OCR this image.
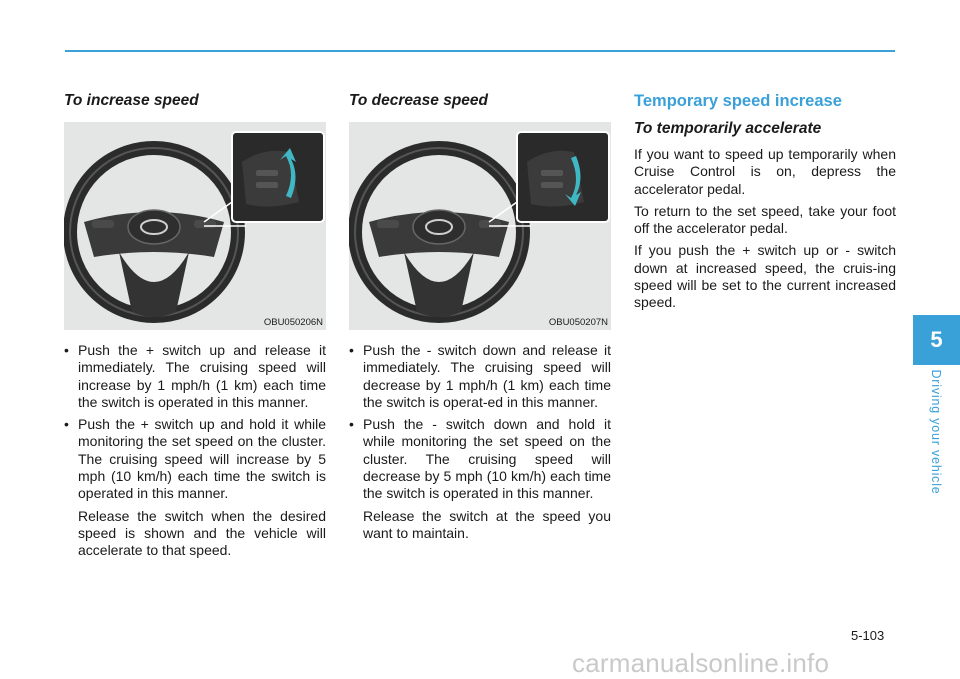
To increase speed
OBU050206N
• Push the + switch up and release it immediately. The cruising speed will increase by 1 mph/h (1 km) each time the switch is operated in this manner.
• Push the + switch up and hold it while monitoring the set speed on the cluster. The cruising speed will increase by 5 mph (10 km/h) each time the switch is operated in this manner.

Release the switch when the desired speed is shown and the vehicle will accelerate to that speed.

To decrease speed
OBU050207N
• Push the - switch down and release it immediately. The cruising speed will decrease by 1 mph/h (1 km) each time the switch is operat-ed in this manner.
• Push the - switch down and hold it while monitoring the set speed on the cluster. The cruising speed will decrease by 5 mph (10 km/h) each time the switch is operated in this manner.

Release the switch at the speed you want to maintain.

Temporary speed increase
To temporarily accelerate

If you want to speed up temporarily when Cruise Control is on, depress the accelerator pedal.

To return to the set speed, take your foot off the accelerator pedal.

If you push the + switch up or - switch down at increased speed, the cruis-ing speed will be set to the current increased speed.

5
Driving your vehicle
5-103
carmanualsonline.info
